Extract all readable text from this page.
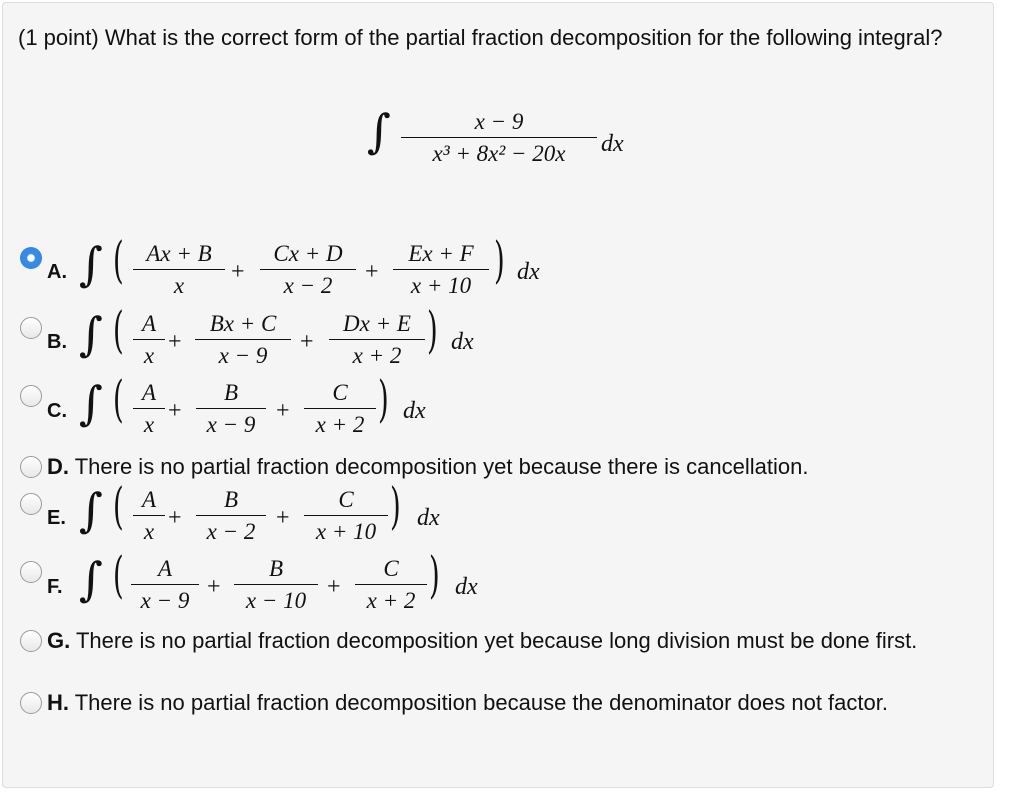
(1 point) What is the correct form of the partial fraction decomposition for the following integral?
∫	x − 9
x³ + 8x² − 20x	dx
A. ∫ ( Ax + B
x
+
Cx + D
x − 2
+
Ex + F
x + 10 ) dx
B. ∫ ( A
x
+
Bx + C
x − 9
+
Dx + E
x + 2 ) dx
C. ∫ ( A
x
+
B
x − 9
+
C
x + 2 ) dx
D. There is no partial fraction decomposition yet because there is cancellation.
E. ∫ ( A
x
+
B
x − 2
+
C
x + 10 ) dx
F. ∫ (	A
x − 9
+
B
x − 10
+
C
x + 2 ) dx
G. There is no partial fraction decomposition yet because long division must be done first.
H. There is no partial fraction decomposition because the denominator does not factor.
